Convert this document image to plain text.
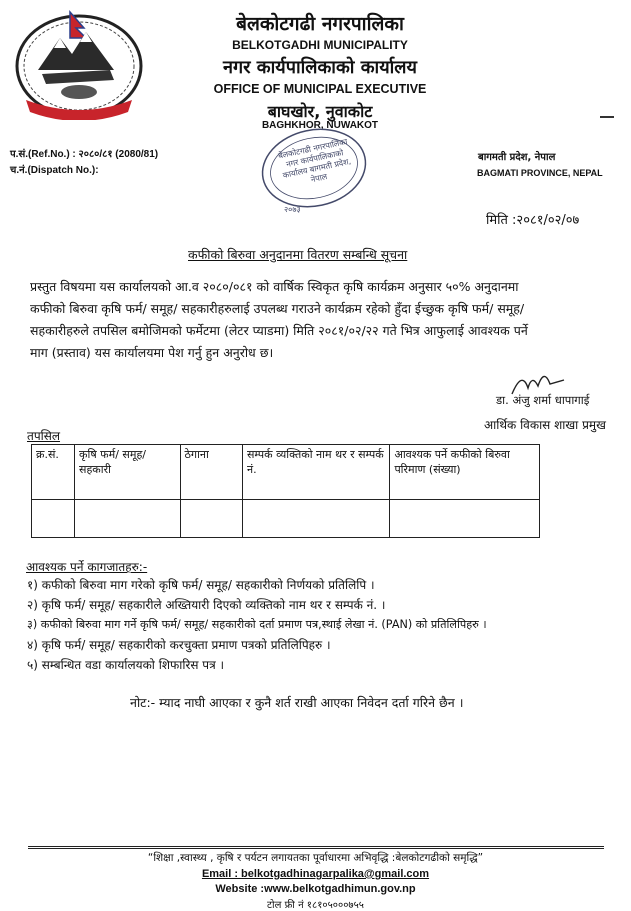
बेलकोटगढी नगरपालिका
बेलकोटगढी नगरपालिका
BELKOTGADHI MUNICIPALITY
नगर कार्यपालिकाको कार्यालय
OFFICE OF MUNICIPAL EXECUTIVE
बाघखोर, नुवाकोट
BAGHKHOR, NUWAKOT
प.सं.(Ref.No.) : २०८०/८१ (2080/81)
च.नं.(Dispatch No.):
बागमती प्रदेश, नेपाल
BAGMATI PROVINCE, NEPAL
बेलकोटगढी नगरपालिका नगर कार्यपालिकाको कार्यालय बागमती प्रदेश, नेपाल
२०७३
मिति :२०८१/०२/०७
कफीको बिरुवा अनुदानमा वितरण सम्बन्धि सूचना
प्रस्तुत विषयमा यस कार्यालयको आ.व २०८०/०८१ को वार्षिक स्विकृत कृषि कार्यक्रम अनुसार ५०% अनुदानमा
कफीको बिरुवा कृषि फर्म/ समूह/ सहकारीहरुलाई उपलब्ध गराउने कार्यक्रम रहेको हुँदा ईच्छुक कृषि फर्म/ समूह/
सहकारीहरुले तपसिल बमोजिमको फर्मेटमा (लेटर प्याडमा) मिति २०८१/०२/२२ गते भित्र आफुलाई आवश्यक पर्ने
माग (प्रस्ताव) यस कार्यालयमा पेश गर्नु हुन अनुरोध छ।
डा. अंजु शर्मा धापागाई
आर्थिक विकास शाखा प्रमुख
तपसिल
क्र.सं.	कृषि फर्म/ समूह/ सहकारी	ठेगाना	सम्पर्क व्यक्तिको नाम थर र सम्पर्क नं.	आवश्यक पर्ने कफीको बिरुवा परिमाण (संख्या)

आवश्यक पर्ने कागजातहरु:-
१) कफीको बिरुवा माग गरेको कृषि फर्म/ समूह/ सहकारीको निर्णयको प्रतिलिपि ।
२) कृषि फर्म/ समूह/ सहकारीले अख्तियारी दिएको व्यक्तिको नाम थर र सम्पर्क नं. ।
३) कफीको बिरुवा माग गर्ने कृषि फर्म/ समूह/ सहकारीको दर्ता प्रमाण पत्र,स्थाई लेखा नं. (PAN) को प्रतिलिपिहरु ।
४) कृषि फर्म/ समूह/ सहकारीको करचुक्ता प्रमाण पत्रको प्रतिलिपिहरु ।
५) सम्बन्धित वडा कार्यालयको शिफारिस पत्र ।
नोट:- म्याद नाघी आएका र कुनै शर्त राखी आएका निवेदन दर्ता गरिने छैन ।
“शिक्षा ,स्वास्थ्य , कृषि र पर्यटन लगायतका पूर्वाधारमा अभिवृद्धि :बेलकोटगढीको समृद्धि”
Email : belkotgadhinagarpalika@gmail.com
Website :www.belkotgadhimun.gov.np
टोल फ्री नं १८१०५०००७५५
